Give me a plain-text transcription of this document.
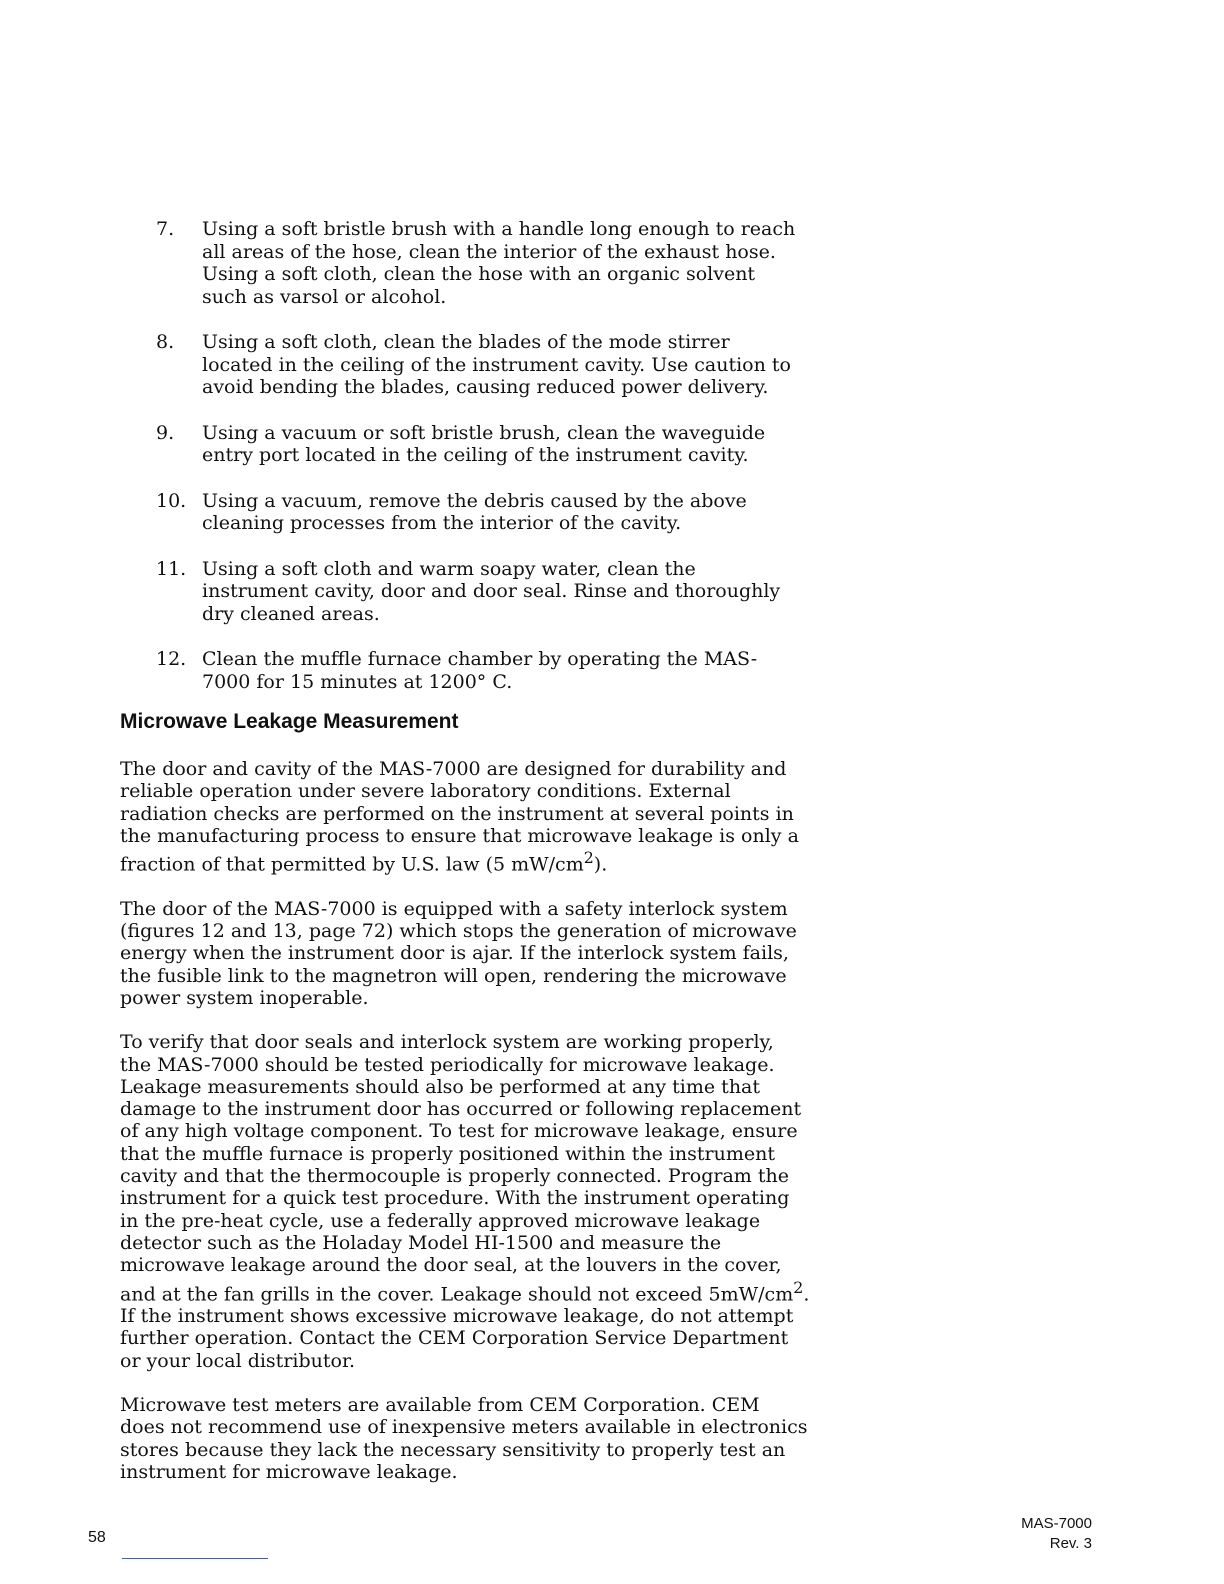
7.	Using a soft bristle brush with a handle long enough to reach all areas of the hose, clean the interior of the exhaust hose. Using a soft cloth, clean the hose with an organic solvent such as varsol or alcohol.
8.	Using a soft cloth, clean the blades of the mode stirrer located in the ceiling of the instrument cavity. Use caution to avoid bending the blades, causing reduced power delivery.
9.	Using a vacuum or soft bristle brush, clean the waveguide entry port located in the ceiling of the instrument cavity.
10. Using a vacuum, remove the debris caused by the above cleaning processes from the interior of the cavity.
11. Using a soft cloth and warm soapy water, clean the instrument cavity, door and door seal. Rinse and thoroughly dry cleaned areas.
12. Clean the muffle furnace chamber by operating the MAS-7000 for 15 minutes at 1200° C.
Microwave Leakage Measurement

The door and cavity of the MAS-7000 are designed for durability and reliable operation under severe laboratory conditions. External radiation checks are performed on the instrument at several points in the manufacturing process to ensure that microwave leakage is only a fraction of that permitted by U.S. law (5 $mW/cm^2$).

The door of the MAS-7000 is equipped with a safety interlock system (figures 12 and 13, page 72) which stops the generation of microwave energy when the instrument door is ajar. If the interlock system fails, the fusible link to the magnetron will open, rendering the microwave power system inoperable.

To verify that door seals and interlock system are working properly, the MAS-7000 should be tested periodically for microwave leakage. Leakage measurements should also be performed at any time that damage to the instrument door has occurred or following replacement of any high voltage component. To test for microwave leakage, ensure that the muffle furnace is properly positioned within the instrument cavity and that the thermocouple is properly connected. Program the instrument for a quick test procedure. With the instrument operating in the pre-heat cycle, use a federally approved microwave leakage detector such as the Holaday Model HI-1500 and measure the microwave leakage around the door seal, at the louvers in the cover, and at the fan grills in the cover. Leakage should not exceed $5mW/cm^2$. If the instrument shows excessive microwave leakage, do not attempt further operation. Contact the CEM Corporation Service Department or your local distributor.

Microwave test meters are available from CEM Corporation. CEM does not recommend use of inexpensive meters available in electronics stores because they lack the necessary sensitivity to properly test an instrument for microwave leakage.

58
MAS-7000
Rev. 3
